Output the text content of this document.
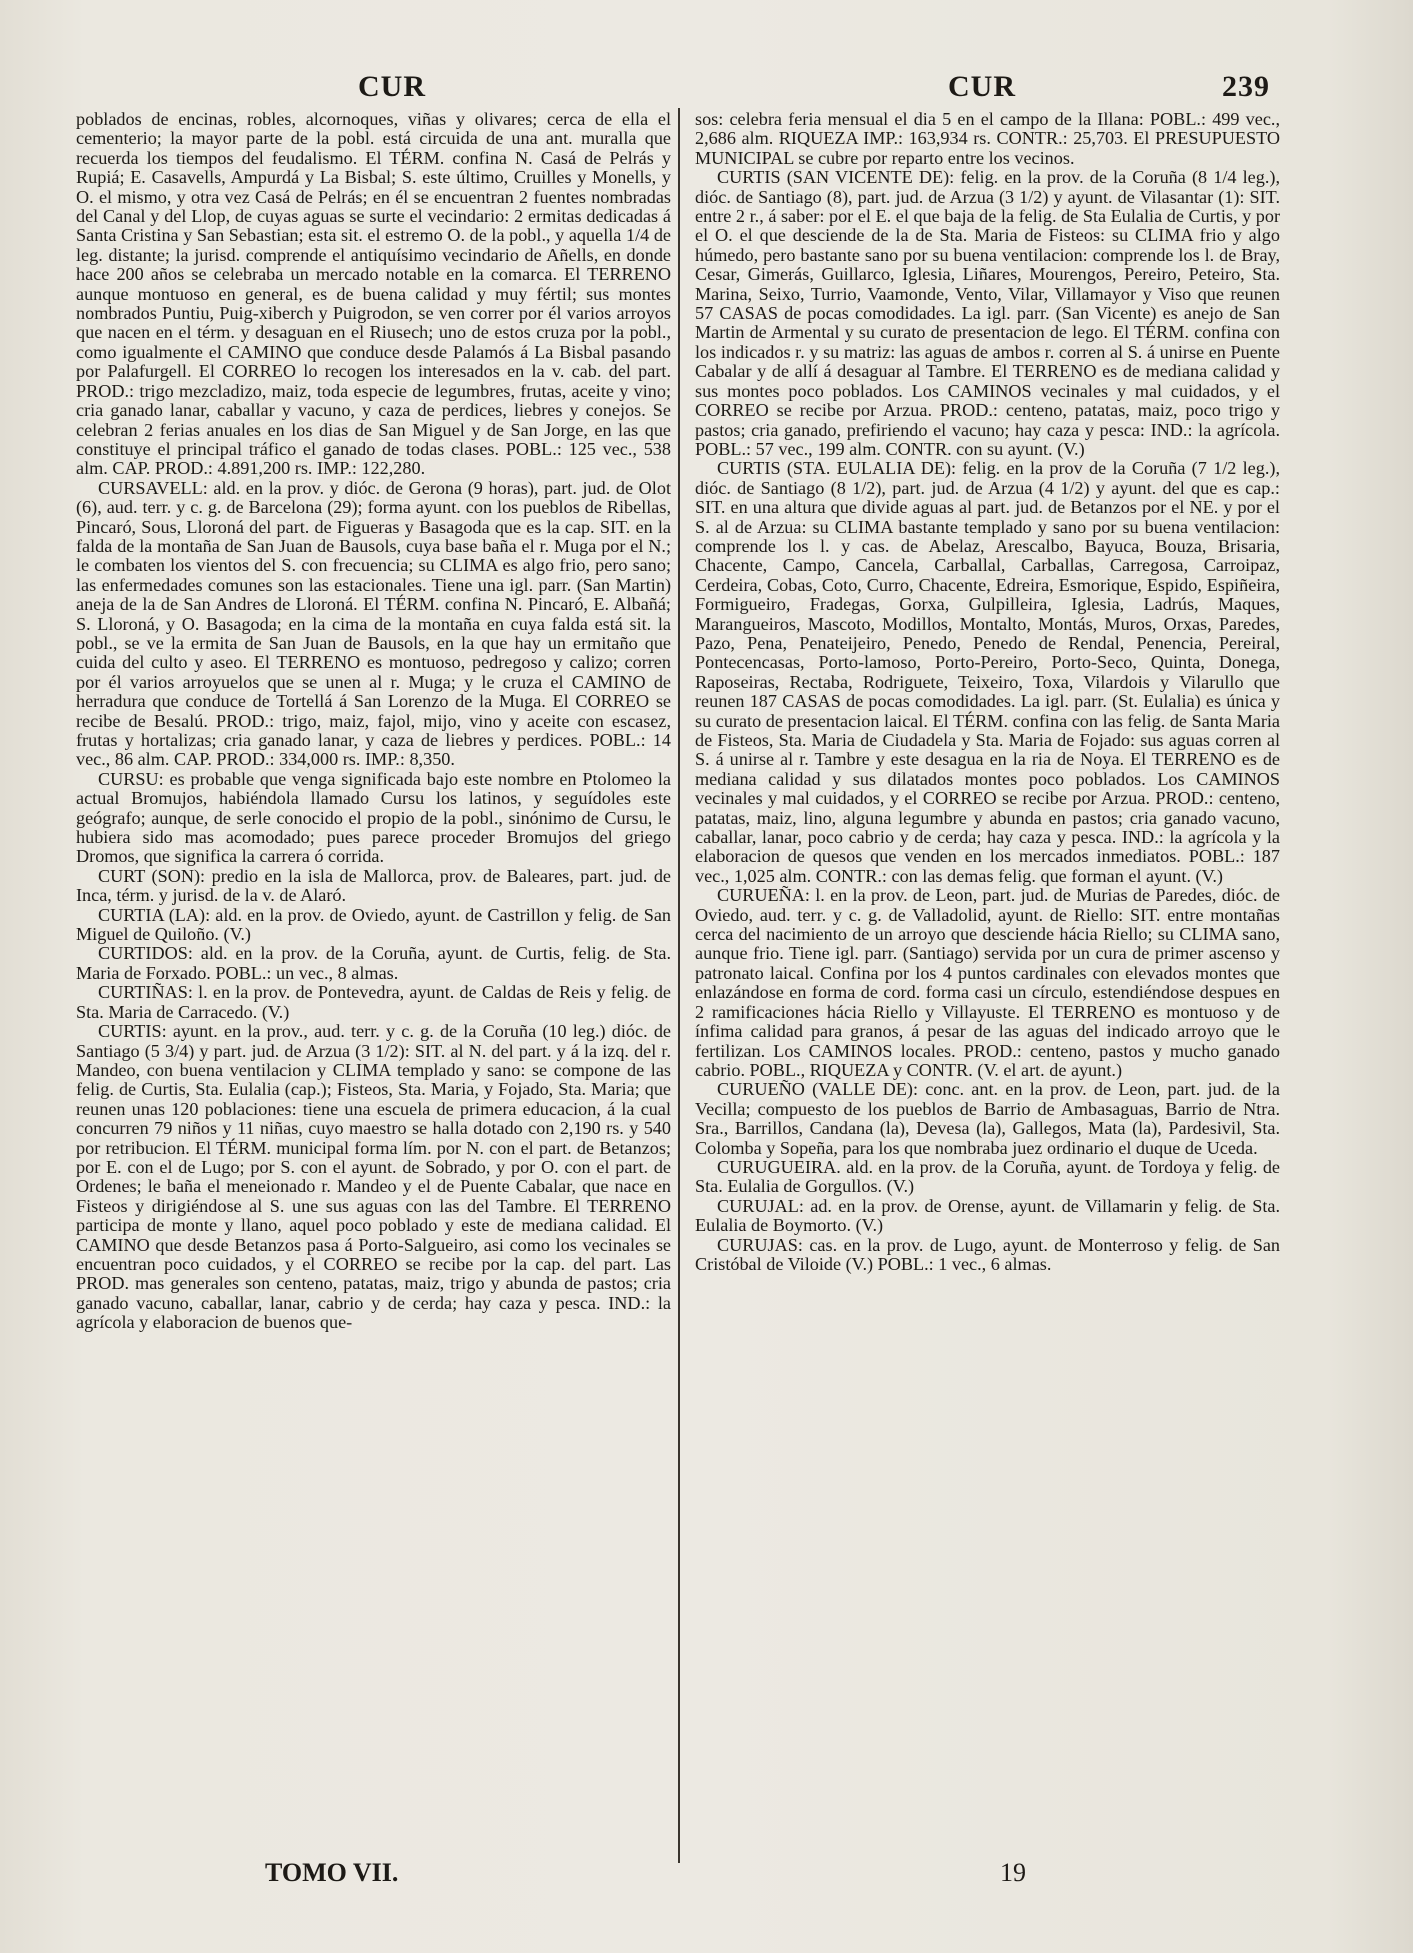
CUR	CUR	239

poblados de encinas, robles, alcornoques, viñas y olivares; cerca de ella el cementerio; la mayor parte de la pobl. está circuida de una ant. muralla que recuerda los tiempos del feudalismo. El TÉRM. confina N. Casá de Pelrás y Rupiá; E. Casavells, Ampurdá y La Bisbal; S. este último, Cruilles y Monells, y O. el mismo, y otra vez Casá de Pelrás; en él se encuentran 2 fuentes nombradas del Canal y del Llop, de cuyas aguas se surte el vecindario: 2 ermitas dedicadas á Santa Cristina y San Sebastian; esta sit. el estremo O. de la pobl., y aquella 1/4 de leg. distante; la jurisd. comprende el antiquísimo vecindario de Añells, en donde hace 200 años se celebraba un mercado notable en la comarca. El TERRENO aunque montuoso en general, es de buena calidad y muy fértil; sus montes nombrados Puntiu, Puig-xiberch y Puigrodon, se ven correr por él varios arroyos que nacen en el térm. y desaguan en el Riusech; uno de estos cruza por la pobl., como igualmente el CAMINO que conduce desde Palamós á La Bisbal pasando por Palafurgell. El CORREO lo recogen los interesados en la v. cab. del part. PROD.: trigo mezcladizo, maiz, toda especie de legumbres, frutas, aceite y vino; cria ganado lanar, caballar y vacuno, y caza de perdices, liebres y conejos. Se celebran 2 ferias anuales en los dias de San Miguel y de San Jorge, en las que constituye el principal tráfico el ganado de todas clases. POBL.: 125 vec., 538 alm. CAP. PROD.: 4.891,200 rs. IMP.: 122,280.

CURSAVELL: ald. en la prov. y dióc. de Gerona (9 horas), part. jud. de Olot (6), aud. terr. y c. g. de Barcelona (29); forma ayunt. con los pueblos de Ribellas, Pincaró, Sous, Lloroná del part. de Figueras y Basagoda que es la cap. SIT. en la falda de la montaña de San Juan de Bausols, cuya base baña el r. Muga por el N.; le combaten los vientos del S. con frecuencia; su CLIMA es algo frio, pero sano; las enfermedades comunes son las estacionales. Tiene una igl. parr. (San Martin) aneja de la de San Andres de Lloroná. El TÉRM. confina N. Pincaró, E. Albañá; S. Lloroná, y O. Basagoda; en la cima de la montaña en cuya falda está sit. la pobl., se ve la ermita de San Juan de Bausols, en la que hay un ermitaño que cuida del culto y aseo. El TERRENO es montuoso, pedregoso y calizo; corren por él varios arroyuelos que se unen al r. Muga; y le cruza el CAMINO de herradura que conduce de Tortellá á San Lorenzo de la Muga. El CORREO se recibe de Besalú. PROD.: trigo, maiz, fajol, mijo, vino y aceite con escasez, frutas y hortalizas; cria ganado lanar, y caza de liebres y perdices. POBL.: 14 vec., 86 alm. CAP. PROD.: 334,000 rs. IMP.: 8,350.

CURSU: es probable que venga significada bajo este nombre en Ptolomeo la actual Bromujos, habiéndola llamado Cursu los latinos, y seguídoles este geógrafo; aunque, de serle conocido el propio de la pobl., sinónimo de Cursu, le hubiera sido mas acomodado; pues parece proceder Bromujos del griego Dromos, que significa la carrera ó corrida.

CURT (SON): predio en la isla de Mallorca, prov. de Baleares, part. jud. de Inca, térm. y jurisd. de la v. de Alaró.

CURTIA (LA): ald. en la prov. de Oviedo, ayunt. de Castrillon y felig. de San Miguel de Quiloño. (V.)

CURTIDOS: ald. en la prov. de la Coruña, ayunt. de Curtis, felig. de Sta. Maria de Forxado. POBL.: un vec., 8 almas.

CURTIÑAS: l. en la prov. de Pontevedra, ayunt. de Caldas de Reis y felig. de Sta. Maria de Carracedo. (V.)

CURTIS: ayunt. en la prov., aud. terr. y c. g. de la Coruña (10 leg.) dióc. de Santiago (5 3/4) y part. jud. de Arzua (3 1/2): SIT. al N. del part. y á la izq. del r. Mandeo, con buena ventilacion y CLIMA templado y sano: se compone de las felig. de Curtis, Sta. Eulalia (cap.); Fisteos, Sta. Maria, y Fojado, Sta. Maria; que reunen unas 120 poblaciones: tiene una escuela de primera educacion, á la cual concurren 79 niños y 11 niñas, cuyo maestro se halla dotado con 2,190 rs. y 540 por retribucion. El TÉRM. municipal forma lím. por N. con el part. de Betanzos; por E. con el de Lugo; por S. con el ayunt. de Sobrado, y por O. con el part. de Ordenes; le baña el meneionado r. Mandeo y el de Puente Cabalar, que nace en Fisteos y dirigiéndose al S. une sus aguas con las del Tambre. El TERRENO participa de monte y llano, aquel poco poblado y este de mediana calidad. El CAMINO que desde Betanzos pasa á Porto-Salgueiro, asi como los vecinales se encuentran poco cuidados, y el CORREO se recibe por la cap. del part. Las PROD. mas generales son centeno, patatas, maiz, trigo y abunda de pastos; cria ganado vacuno, caballar, lanar, cabrio y de cerda; hay caza y pesca. IND.: la agrícola y elaboracion de buenos que-

sos: celebra feria mensual el dia 5 en el campo de la Illana: POBL.: 499 vec., 2,686 alm. RIQUEZA IMP.: 163,934 rs. CONTR.: 25,703. El PRESUPUESTO MUNICIPAL se cubre por reparto entre los vecinos.

CURTIS (SAN VICENTE DE): felig. en la prov. de la Coruña (8 1/4 leg.), dióc. de Santiago (8), part. jud. de Arzua (3 1/2) y ayunt. de Vilasantar (1): SIT. entre 2 r., á saber: por el E. el que baja de la felig. de Sta Eulalia de Curtis, y por el O. el que desciende de la de Sta. Maria de Fisteos: su CLIMA frio y algo húmedo, pero bastante sano por su buena ventilacion: comprende los l. de Bray, Cesar, Gimerás, Guillarco, Iglesia, Liñares, Mourengos, Pereiro, Peteiro, Sta. Marina, Seixo, Turrio, Vaamonde, Vento, Vilar, Villamayor y Viso que reunen 57 CASAS de pocas comodidades. La igl. parr. (San Vicente) es anejo de San Martin de Armental y su curato de presentacion de lego. El TÉRM. confina con los indicados r. y su matriz: las aguas de ambos r. corren al S. á unirse en Puente Cabalar y de allí á desaguar al Tambre. El TERRENO es de mediana calidad y sus montes poco poblados. Los CAMINOS vecinales y mal cuidados, y el CORREO se recibe por Arzua. PROD.: centeno, patatas, maiz, poco trigo y pastos; cria ganado, prefiriendo el vacuno; hay caza y pesca: IND.: la agrícola. POBL.: 57 vec., 199 alm. CONTR. con su ayunt. (V.)

CURTIS (STA. EULALIA DE): felig. en la prov de la Coruña (7 1/2 leg.), dióc. de Santiago (8 1/2), part. jud. de Arzua (4 1/2) y ayunt. del que es cap.: SIT. en una altura que divide aguas al part. jud. de Betanzos por el NE. y por el S. al de Arzua: su CLIMA bastante templado y sano por su buena ventilacion: comprende los l. y cas. de Abelaz, Arescalbo, Bayuca, Bouza, Brisaria, Chacente, Campo, Cancela, Carballal, Carballas, Carregosa, Carroipaz, Cerdeira, Cobas, Coto, Curro, Chacente, Edreira, Esmorique, Espido, Espiñeira, Formigueiro, Fradegas, Gorxa, Gulpilleira, Iglesia, Ladrús, Maques, Marangueiros, Mascoto, Modillos, Montalto, Montás, Muros, Orxas, Paredes, Pazo, Pena, Penateijeiro, Penedo, Penedo de Rendal, Penencia, Pereiral, Pontecencasas, Porto-lamoso, Porto-Pereiro, Porto-Seco, Quinta, Donega, Raposeiras, Rectaba, Rodriguete, Teixeiro, Toxa, Vilardois y Vilarullo que reunen 187 CASAS de pocas comodidades. La igl. parr. (St. Eulalia) es única y su curato de presentacion laical. El TÉRM. confina con las felig. de Santa Maria de Fisteos, Sta. Maria de Ciudadela y Sta. Maria de Fojado: sus aguas corren al S. á unirse al r. Tambre y este desagua en la ria de Noya. El TERRENO es de mediana calidad y sus dilatados montes poco poblados. Los CAMINOS vecinales y mal cuidados, y el CORREO se recibe por Arzua. PROD.: centeno, patatas, maiz, lino, alguna legumbre y abunda en pastos; cria ganado vacuno, caballar, lanar, poco cabrio y de cerda; hay caza y pesca. IND.: la agrícola y la elaboracion de quesos que venden en los mercados inmediatos. POBL.: 187 vec., 1,025 alm. CONTR.: con las demas felig. que forman el ayunt. (V.)

CURUEÑA: l. en la prov. de Leon, part. jud. de Murias de Paredes, dióc. de Oviedo, aud. terr. y c. g. de Valladolid, ayunt. de Riello: SIT. entre montañas cerca del nacimiento de un arroyo que desciende hácia Riello; su CLIMA sano, aunque frio. Tiene igl. parr. (Santiago) servida por un cura de primer ascenso y patronato laical. Confina por los 4 puntos cardinales con elevados montes que enlazándose en forma de cord. forma casi un círculo, estendiéndose despues en 2 ramificaciones hácia Riello y Villayuste. El TERRENO es montuoso y de ínfima calidad para granos, á pesar de las aguas del indicado arroyo que le fertilizan. Los CAMINOS locales. PROD.: centeno, pastos y mucho ganado cabrio. POBL., RIQUEZA y CONTR. (V. el art. de ayunt.)

CURUEÑO (VALLE DE): conc. ant. en la prov. de Leon, part. jud. de la Vecilla; compuesto de los pueblos de Barrio de Ambasaguas, Barrio de Ntra. Sra., Barrillos, Candana (la), Devesa (la), Gallegos, Mata (la), Pardesivil, Sta. Colomba y Sopeña, para los que nombraba juez ordinario el duque de Uceda.

CURUGUEIRA. ald. en la prov. de la Coruña, ayunt. de Tordoya y felig. de Sta. Eulalia de Gorgullos. (V.)

CURUJAL: ad. en la prov. de Orense, ayunt. de Villamarin y felig. de Sta. Eulalia de Boymorto. (V.)

CURUJAS: cas. en la prov. de Lugo, ayunt. de Monterroso y felig. de San Cristóbal de Viloide (V.) POBL.: 1 vec., 6 almas.

TOMO VII.	19
